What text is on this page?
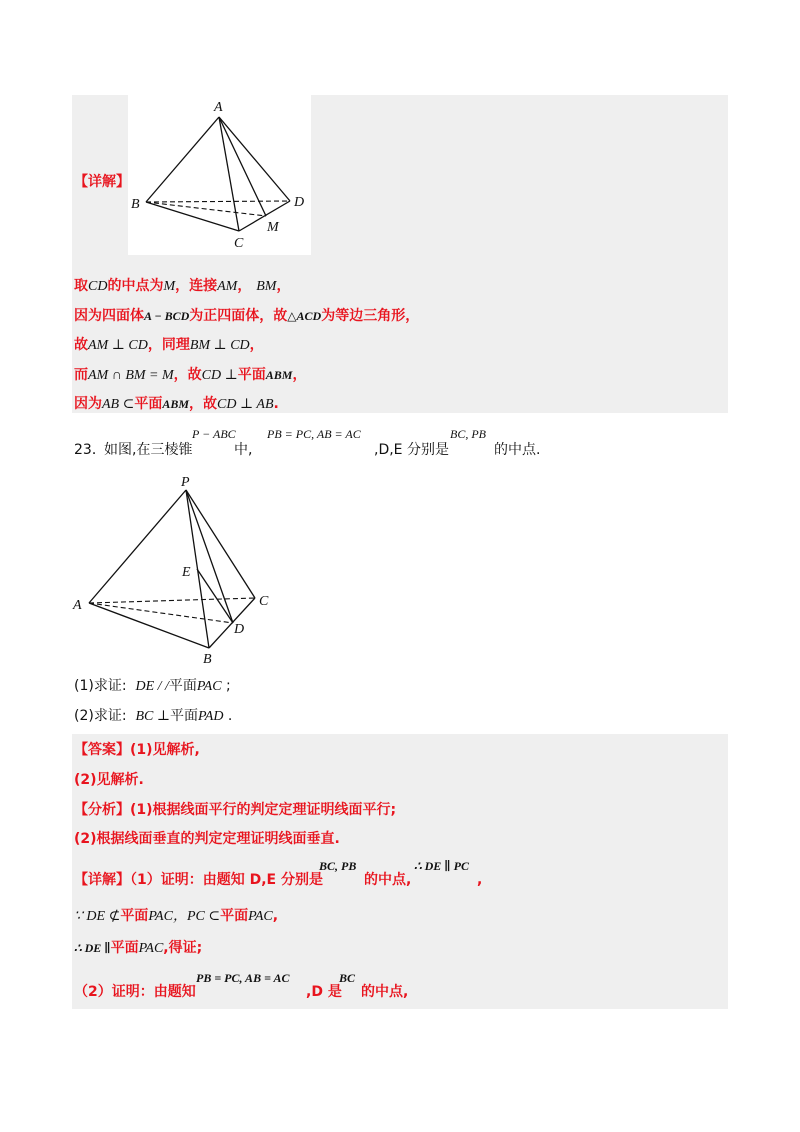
A
B
C
D
M
【详解】
取CD的中点为M，连接AM， BM，
因为四面体A − BCD为正四面体，故△ACD为等边三角形，
故AM ⊥ CD，同理BM ⊥ CD，
而AM ∩ BM = M，故CD ⊥平面ABM，
因为AB ⊂平面ABM，故CD ⊥ AB.
23．
如图,在三棱锥
P − ABC
中,
PB = PC, AB = AC
,D,E 分别是
BC, PB
的中点.
P
E
A	C
D
B
(1)求证: DE / /平面PAC ;
(2)求证: BC ⊥平面PAD .
【答案】(1)见解析,
(2)见解析.
【分析】(1)根据线面平行的判定定理证明线面平行;
(2)根据线面垂直的判定定理证明线面垂直.
【详解】（1）证明：由题知 D,E 分别是
BC, PB
的中点,
∴ DE ∥ PC
,
∵ DE ⊄平面PAC，PC ⊂平面PAC,
∴ DE ∥平面PAC,得证;
（2）证明：由题知
PB = PC, AB = AC
,D 是
BC
的中点,
